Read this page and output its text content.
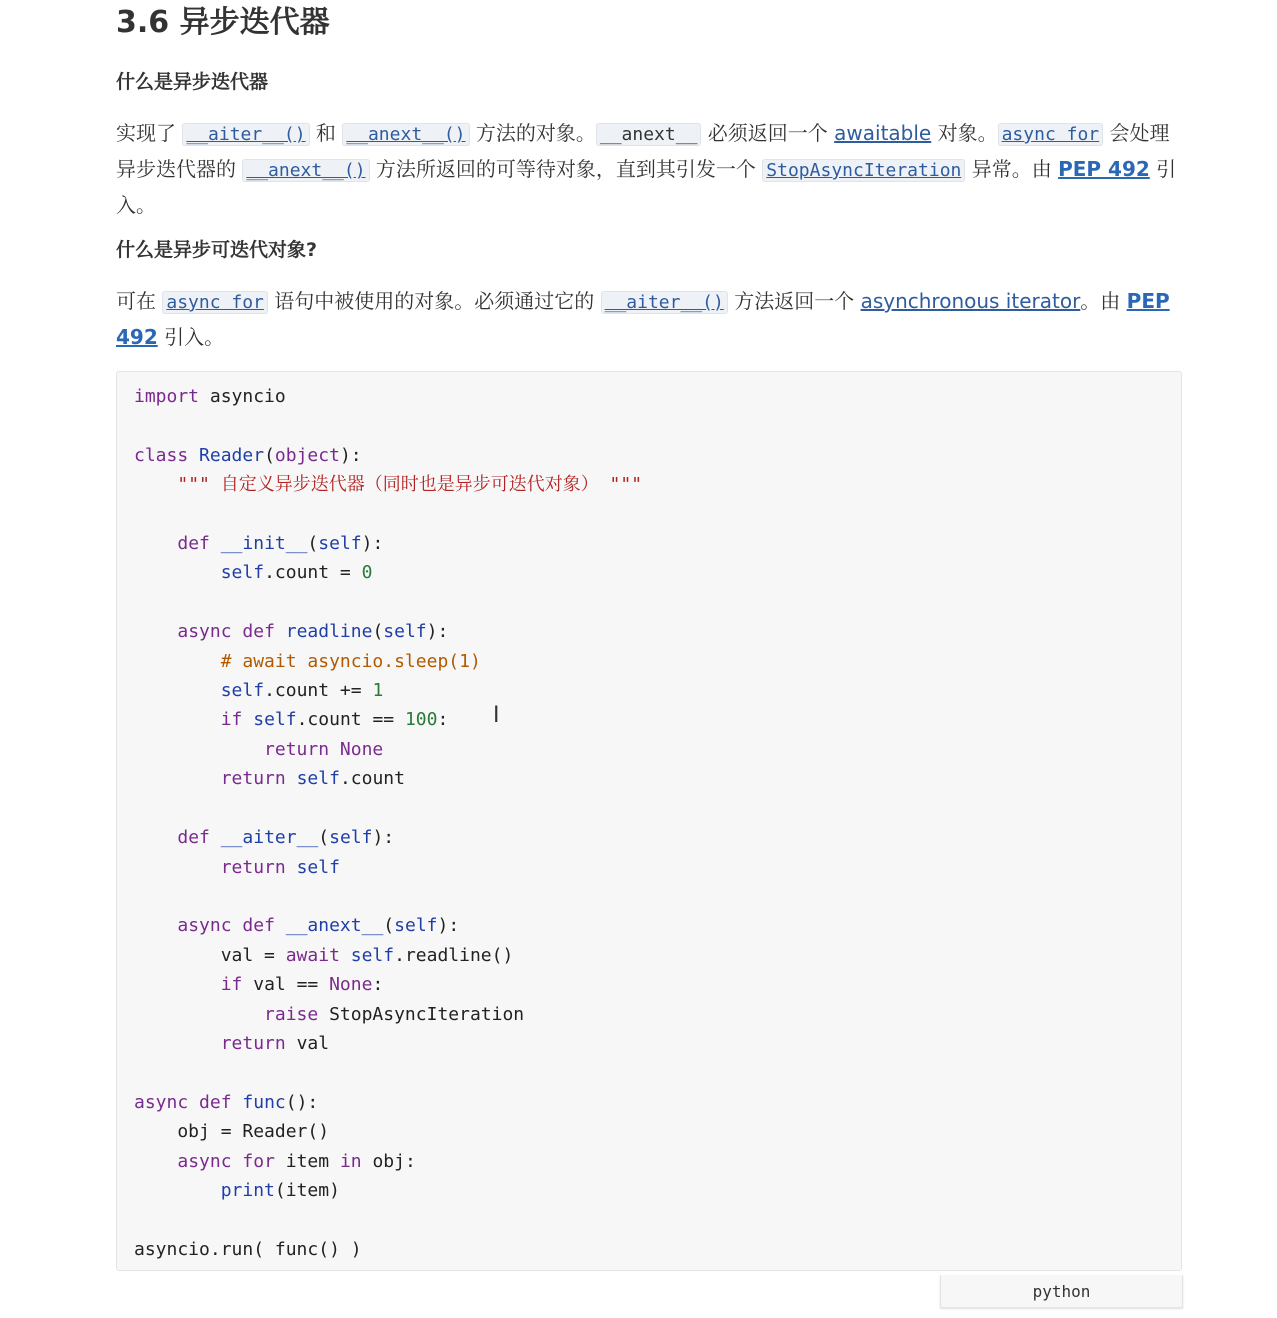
3.6 异步迭代器
什么是异步迭代器
实现了 __aiter__() 和 __anext__() 方法的对象。 __anext__ 必须返回一个 awaitable 对象。 async for 会处理异步迭代器的 __anext__() 方法所返回的可等待对象，直到其引发一个 StopAsyncIteration 异常。由 PEP 492 引入。
什么是异步可迭代对象?
可在 async for 语句中被使用的对象。必须通过它的 __aiter__() 方法返回一个 asynchronous iterator。由 PEP 492 引入。
import asyncio

class Reader(object):
""" 自定义异步迭代器（同时也是异步可迭代对象） """

def __init__(self):
self.count = 0

async def readline(self):
# await asyncio.sleep(1)
self.count += 1
if self.count == 100:
return None
return self.count

def __aiter__(self):
return self

async def __anext__(self):
val = await self.readline()
if val == None:
raise StopAsyncIteration
return val

async def func():
obj = Reader()
async for item in obj:
print(item)

asyncio.run( func() )
I
python
